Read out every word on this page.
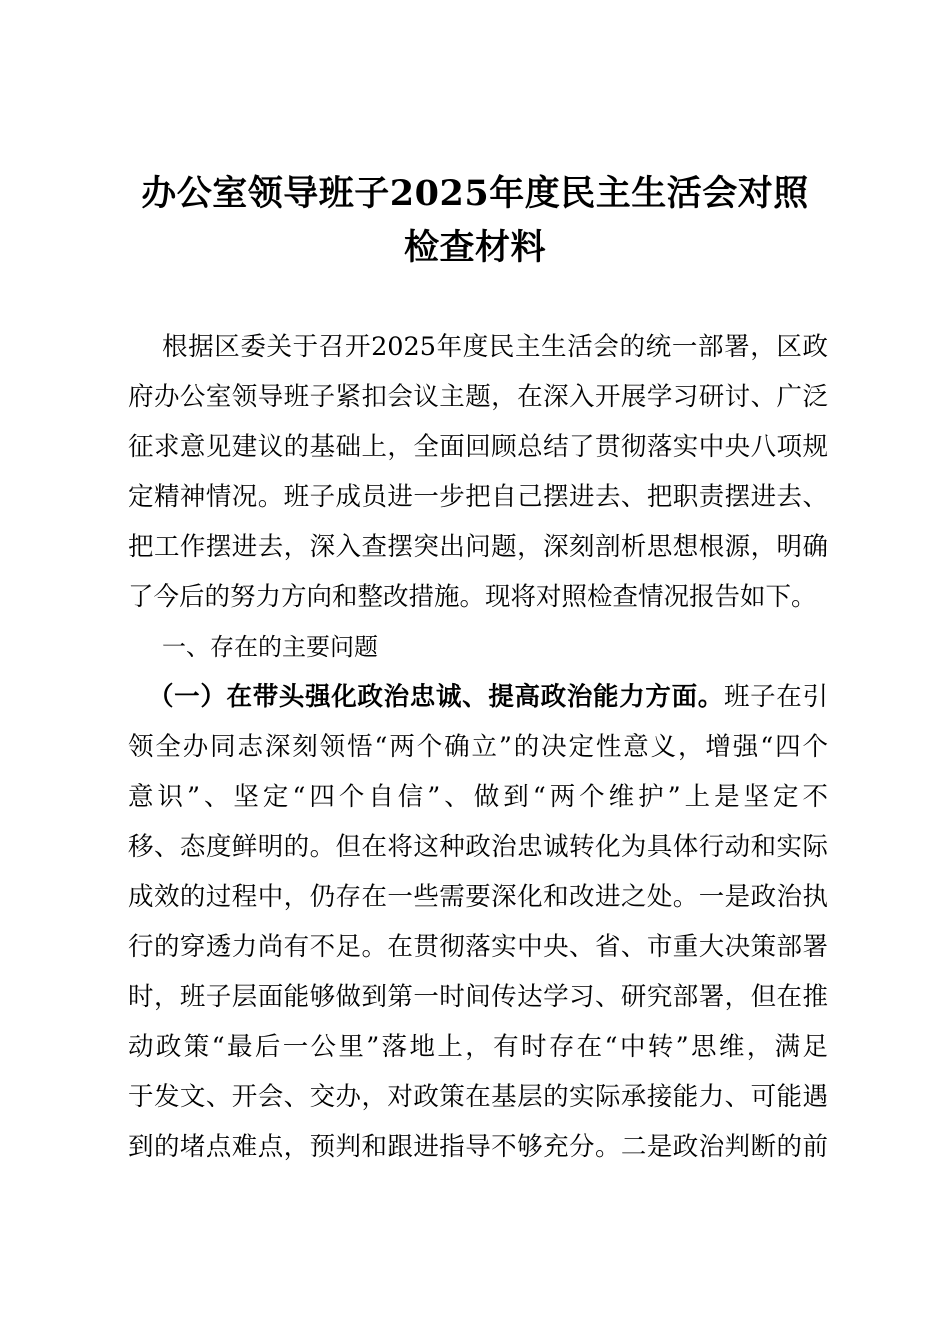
办公室领导班子2025年度民主生活会对照
检查材料
根据区委关于召开2025年度民主生活会的统一部署，区政
府办公室领导班子紧扣会议主题，在深入开展学习研讨、广泛
征求意见建议的基础上，全面回顾总结了贯彻落实中央八项规
定精神情况。班子成员进一步把自己摆进去、把职责摆进去、
把工作摆进去，深入查摆突出问题，深刻剖析思想根源，明确
了今后的努力方向和整改措施。现将对照检查情况报告如下。
一、存在的主要问题
（一）在带头强化政治忠诚、提高政治能力方面。班子在引
领全办同志深刻领悟“两个确立”的决定性意义，增强“四个
意识”、坚定“四个自信”、做到“两个维护”上是坚定不
移、态度鲜明的。但在将这种政治忠诚转化为具体行动和实际
成效的过程中，仍存在一些需要深化和改进之处。一是政治执
行的穿透力尚有不足。在贯彻落实中央、省、市重大决策部署
时，班子层面能够做到第一时间传达学习、研究部署，但在推
动政策“最后一公里”落地上，有时存在“中转”思维，满足
于发文、开会、交办，对政策在基层的实际承接能力、可能遇
到的堵点难点，预判和跟进指导不够充分。二是政治判断的前
